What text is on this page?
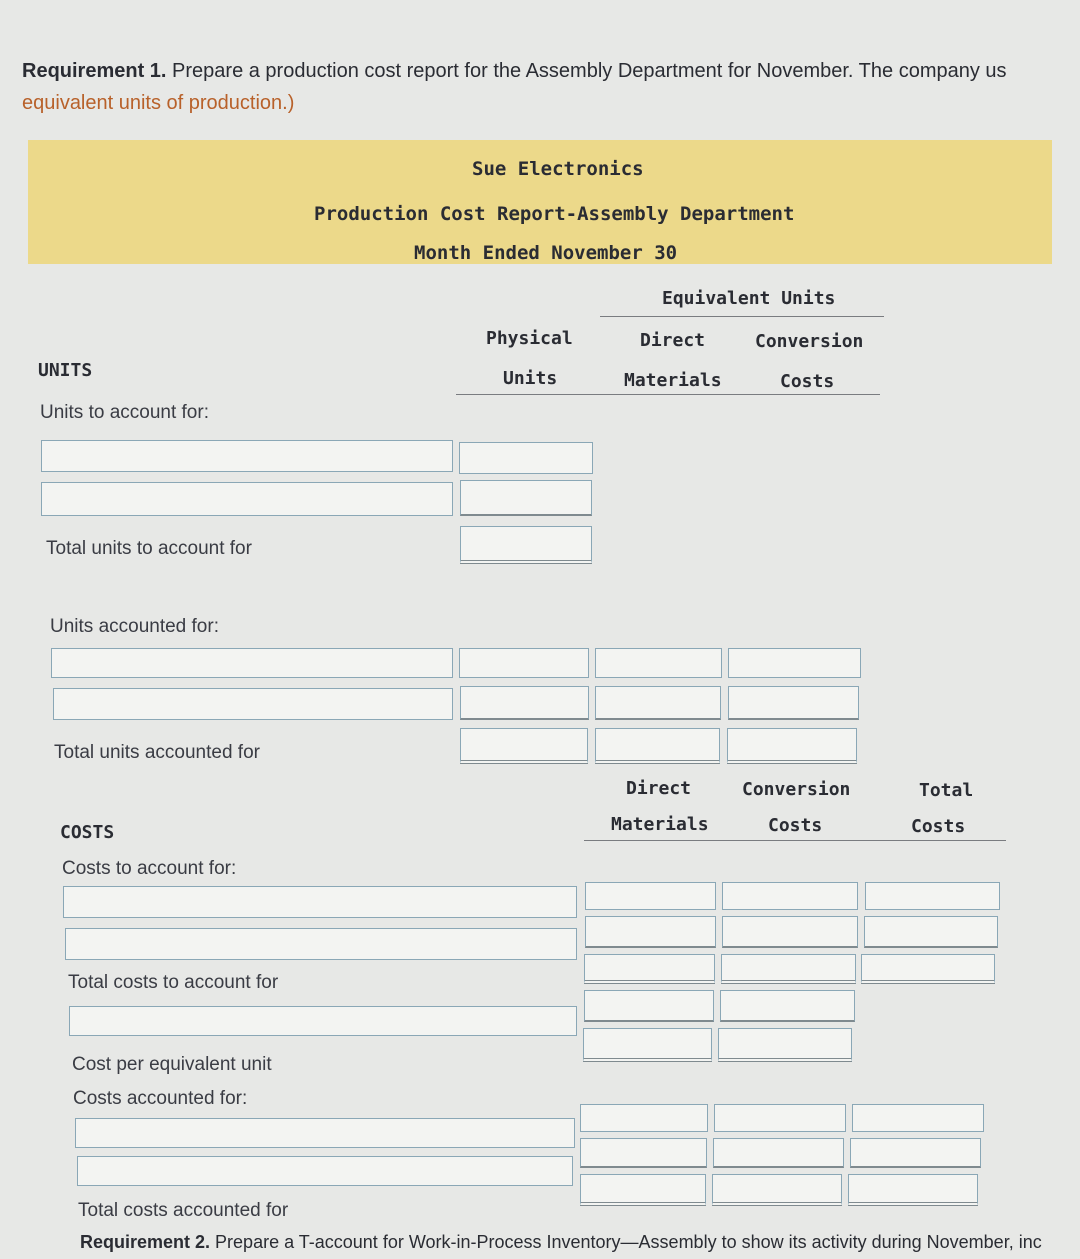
Requirement 1. Prepare a production cost report for the Assembly Department for November. The company us
equivalent units of production.)
Sue Electronics
Production Cost Report-Assembly Department
Month Ended November 30
Equivalent Units
Physical
Units
Direct
Materials
Conversion
Costs
UNITS
Units to account for:
Total units to account for
Units accounted for:
Total units accounted for
Direct
Materials
Conversion
Costs
Total
Costs
COSTS
Costs to account for:
Total costs to account for
Cost per equivalent unit
Costs accounted for:
Total costs accounted for
Requirement 2. Prepare a T-account for Work-in-Process Inventory—Assembly to show its activity during November, inc
